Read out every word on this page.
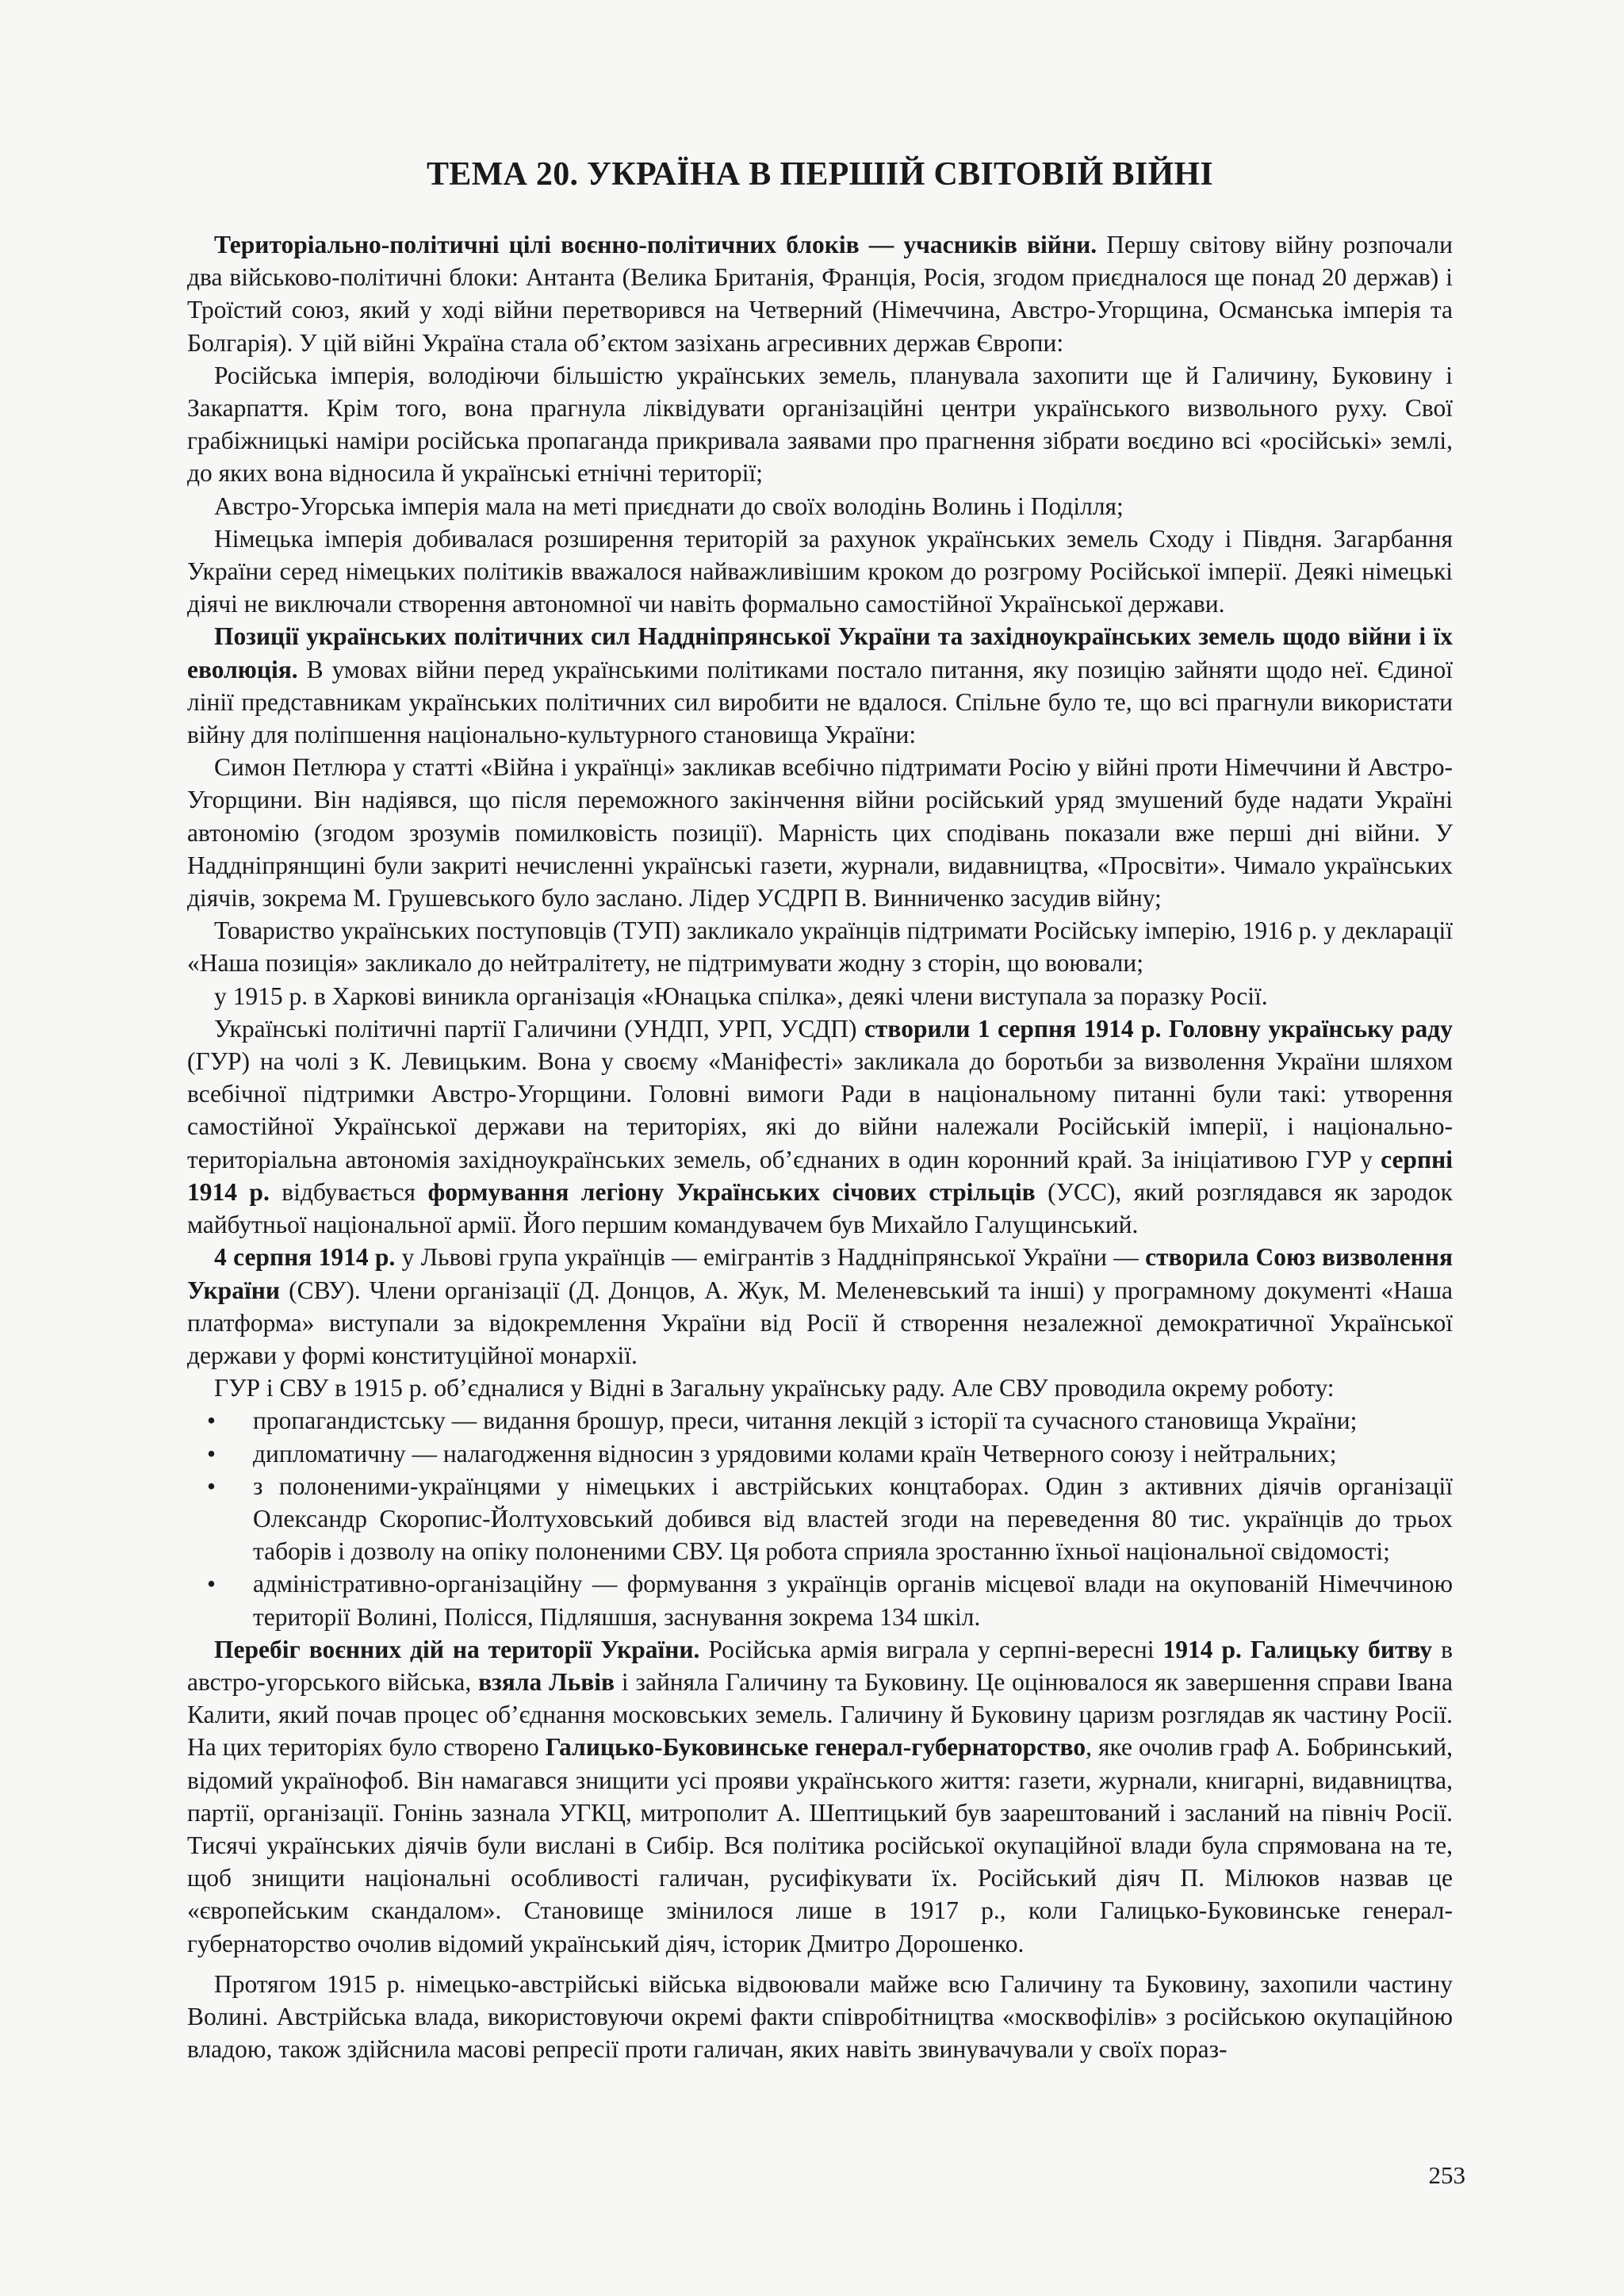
ТЕМА 20. УКРАЇНА В ПЕРШІЙ СВІТОВІЙ ВІЙНІ

Територіально-політичні цілі воєнно-політичних блоків — учасників війни. Першу світову війну розпочали два військово-політичні блоки: Антанта (Велика Британія, Франція, Росія, згодом приєдналося ще понад 20 держав) і Троїстий союз, який у ході війни перетворився на Четверний (Німеччина, Австро-Угорщина, Османська імперія та Болгарія). У цій війні Україна стала об’єктом зазіхань агресивних держав Європи:

Російська імперія, володіючи більшістю українських земель, планувала захопити ще й Галичину, Буковину і Закарпаття. Крім того, вона прагнула ліквідувати організаційні центри українського визвольного руху. Свої грабіжницькі наміри російська пропаганда прикривала заявами про прагнення зібрати воєдино всі «російські» землі, до яких вона відносила й українські етнічні території;

Австро-Угорська імперія мала на меті приєднати до своїх володінь Волинь і Поділля;

Німецька імперія добивалася розширення територій за рахунок українських земель Сходу і Півдня. Загарбання України серед німецьких політиків вважалося найважливішим кроком до розгрому Російської імперії. Деякі німецькі діячі не виключали створення автономної чи навіть формально самостійної Української держави.

Позиції українських політичних сил Наддніпрянської України та західноукраїнських земель щодо війни і їх еволюція. В умовах війни перед українськими політиками постало питання, яку позицію зайняти щодо неї. Єдиної лінії представникам українських політичних сил виробити не вдалося. Спільне було те, що всі прагнули використати війну для поліпшення національно-культурного становища України:

Симон Петлюра у статті «Війна і українці» закликав всебічно підтримати Росію у війні проти Німеччини й Австро-Угорщини. Він надіявся, що після переможного закінчення війни російський уряд змушений буде надати Україні автономію (згодом зрозумів помилковість позиції). Марність цих сподівань показали вже перші дні війни. У Наддніпрянщині були закриті нечисленні українські газети, журнали, видавництва, «Просвіти». Чимало українських діячів, зокрема М. Грушевського було заслано. Лідер УСДРП В. Винниченко засудив війну;

Товариство українських поступовців (ТУП) закликало українців підтримати Російську імперію, 1916 р. у декларації «Наша позиція» закликало до нейтралітету, не підтримувати жодну з сторін, що воювали;

у 1915 р. в Харкові виникла організація «Юнацька спілка», деякі члени виступала за поразку Росії.

Українські політичні партії Галичини (УНДП, УРП, УСДП) створили 1 серпня 1914 р. Головну українську раду (ГУР) на чолі з К. Левицьким. Вона у своєму «Маніфесті» закликала до боротьби за визволення України шляхом всебічної підтримки Австро-Угорщини. Головні вимоги Ради в національному питанні були такі: утворення самостійної Української держави на територіях, які до війни належали Російській імперії, і національно-територіальна автономія західноукраїнських земель, об’єднаних в один коронний край. За ініціативою ГУР у серпні 1914 р. відбувається формування легіону Українських січових стрільців (УСС), який розглядався як зародок майбутньої національної армії. Його першим командувачем був Михайло Галущинський.

4 серпня 1914 р. у Львові група українців — емігрантів з Наддніпрянської України — створила Союз визволення України (СВУ). Члени організації (Д. Донцов, А. Жук, М. Меленевський та інші) у програмному документі «Наша платформа» виступали за відокремлення України від Росії й створення незалежної демократичної Української держави у формі конституційної монархії.

ГУР і СВУ в 1915 р. об’єдналися у Відні в Загальну українську раду. Але СВУ проводила окрему роботу:

• пропагандистську — видання брошур, преси, читання лекцій з історії та сучасного становища України;
• дипломатичну — налагодження відносин з урядовими колами країн Четверного союзу і нейтральних;
• з полоненими-українцями у німецьких і австрійських концтаборах. Один з активних діячів організації Олександр Скоропис-Йолтуховський добився від властей згоди на переведення 80 тис. українців до трьох таборів і дозволу на опіку полоненими СВУ. Ця робота сприяла зростанню їхньої національної свідомості;
• адміністративно-організаційну — формування з українців органів місцевої влади на окупованій Німеччиною території Волині, Полісся, Підляшшя, заснування зокрема 134 шкіл.

Перебіг воєнних дій на території України. Російська армія виграла у серпні-вересні 1914 р. Галицьку битву в австро-угорського війська, взяла Львів і зайняла Галичину та Буковину. Це оцінювалося як завершення справи Івана Калити, який почав процес об’єднання московських земель. Галичину й Буковину царизм розглядав як частину Росії. На цих територіях було створено Галицько-Буковинське генерал-губернаторство, яке очолив граф А. Бобринський, відомий українофоб. Він намагався знищити усі прояви українського життя: газети, журнали, книгарні, видавництва, партії, організації. Гонінь зазнала УГКЦ, митрополит А. Шептицький був заарештований і засланий на північ Росії. Тисячі українських діячів були вислані в Сибір. Вся політика російської окупаційної влади була спрямована на те, щоб знищити національні особливості галичан, русифікувати їх. Російський діяч П. Мілюков назвав це «європейським скандалом». Становище змінилося лише в 1917 р., коли Галицько-Буковинське генерал-губернаторство очолив відомий український діяч, історик Дмитро Дорошенко.

Протягом 1915 р. німецько-австрійські війська відвоювали майже всю Галичину та Буковину, захопили частину Волині. Австрійська влада, використовуючи окремі факти співробітництва «москвофілів» з російською окупаційною владою, також здійснила масові репресії проти галичан, яких навіть звинувачували у своїх пораз-

253
